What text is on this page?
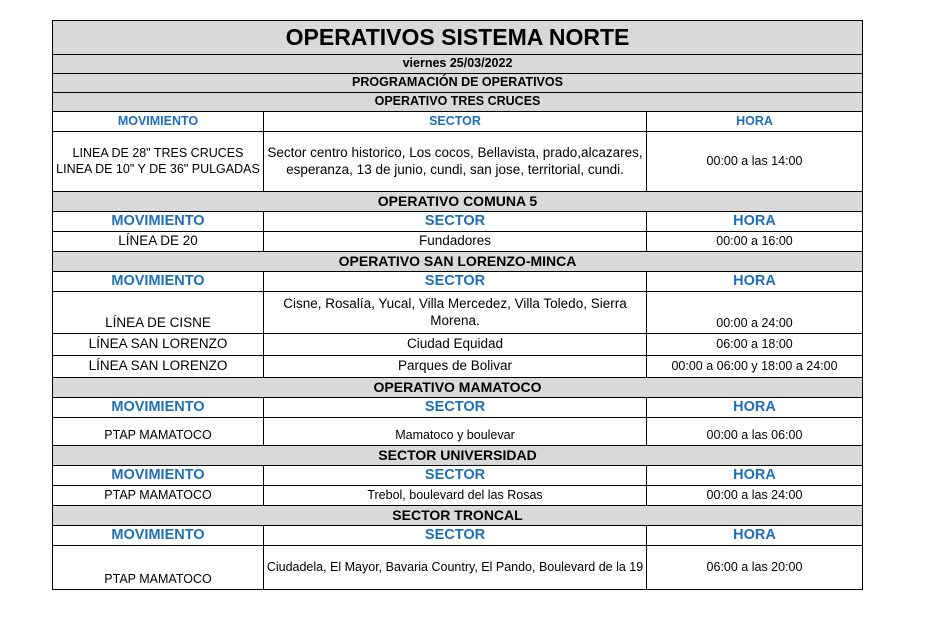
OPERATIVOS SISTEMA NORTE		
viernes 25/03/2022		
PROGRAMACIÓN DE OPERATIVOS		
OPERATIVO TRES CRUCES		
MOVIMIENTO	SECTOR	HORA
LINEA DE 28" TRES CRUCES LINEA DE 10" Y DE 36" PULGADAS	Sector centro historico, Los cocos, Bellavista, prado,alcazares, esperanza, 13 de junio, cundi, san jose, territorial, cundi.	00:00 a las 14:00
OPERATIVO COMUNA 5		
MOVIMIENTO	SECTOR	HORA
LÍNEA DE 20	Fundadores	00:00 a 16:00
OPERATIVO SAN LORENZO-MINCA		
MOVIMIENTO	SECTOR	HORA
LÍNEA DE CISNE	Cisne, Rosalía, Yucal, Villa Mercedez, Villa Toledo, Sierra Morena.	00:00 a 24:00
LÍNEA SAN LORENZO	Ciudad Equidad	06:00 a 18:00
LÍNEA SAN LORENZO	Parques de Bolivar	00:00 a 06:00 y 18:00 a 24:00
OPERATIVO MAMATOCO		
MOVIMIENTO	SECTOR	HORA
PTAP MAMATOCO	Mamatoco y boulevar	00:00 a las 06:00
SECTOR UNIVERSIDAD		
MOVIMIENTO	SECTOR	HORA
PTAP MAMATOCO	Trebol, boulevard del las Rosas	00:00 a las 24:00
SECTOR TRONCAL		
MOVIMIENTO	SECTOR	HORA
PTAP MAMATOCO	Ciudadela, El Mayor, Bavaria Country, El Pando, Boulevard de la 19	06:00 a las 20:00
